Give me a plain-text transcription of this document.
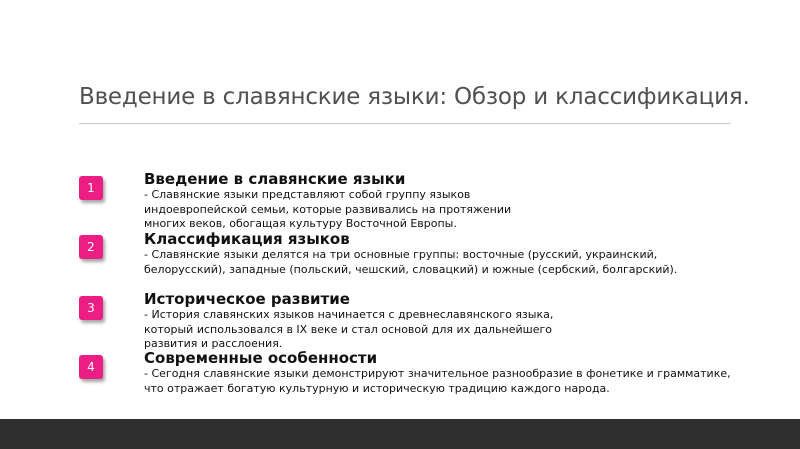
Введение в славянские языки: Обзор и классификация.
1	Введение в славянские языки
- Славянские языки представляют собой группу языков
индоевропейской семьи, которые развивались на протяжении
многих веков, обогащая культуру Восточной Европы.
2	Классификация языков
- Славянские языки делятся на три основные группы: восточные (русский, украинский,
белорусский), западные (польский, чешский, словацкий) и южные (сербский, болгарский).
3	Историческое развитие
- История славянских языков начинается с древнеславянского языка,
который использовался в IX веке и стал основой для их дальнейшего
развития и расслоения.
4	Современные особенности
- Сегодня славянские языки демонстрируют значительное разнообразие в фонетике и грамматике,
что отражает богатую культурную и историческую традицию каждого народа.
